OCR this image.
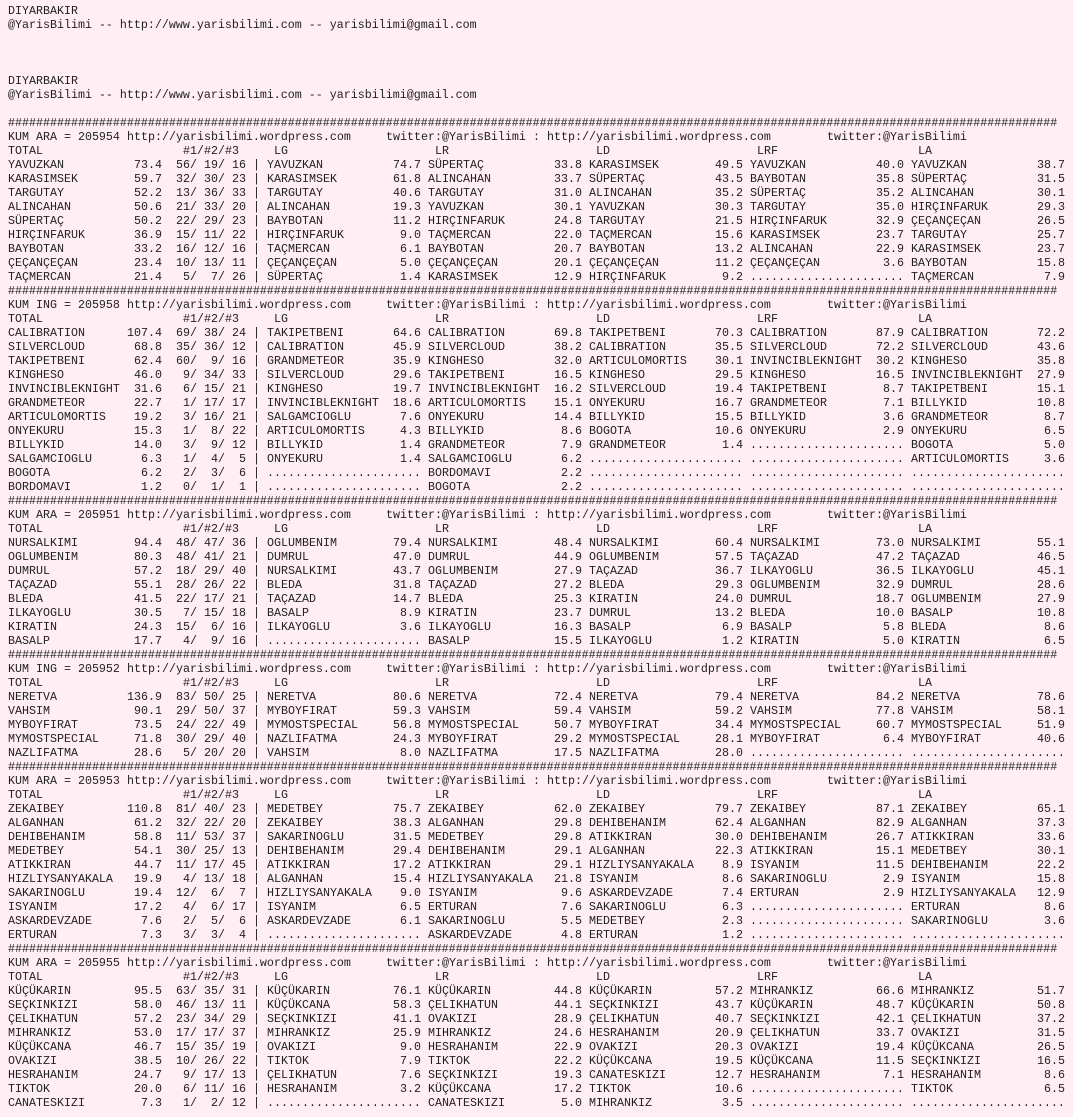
DIYARBAKIR
@YarisBilimi -- http://www.yarisbilimi.com -- yarisbilimi@gmail.com
DIYARBAKIR
@YarisBilimi -- http://www.yarisbilimi.com -- yarisbilimi@gmail.com
######################################################################################################################################################
KUM ARA = 205954 http://yarisbilimi.wordpress.com	twitter:@YarisBilimi : http://yarisbilimi.wordpress.com	twitter:@YarisBilimi
TOTAL	#1/#2/#3	LG	LR	LD	LRF	LA
YAVUZKAN	73.4	56 / 19 / 16 | YAVUZKAN	74.7 SÜPERTAÇ	33.8 KARASIMSEK	49.5 YAVUZKAN	40.0 YAVUZKAN	38.7
KARASIMSEK	59.7	32 / 30 / 23 | KARASIMSEK	61.8 ALINCAHAN	33.7 SÜPERTAÇ	43.5 BAYBOTAN	35.8 SÜPERTAÇ	31.5
TARGUTAY	52.2	13 / 36 / 33 | TARGUTAY	40.6 TARGUTAY	31.0 ALINCAHAN	35.2 SÜPERTAÇ	35.2 ALINCAHAN	30.1
ALINCAHAN	50.6	21 / 33 / 20 | ALINCAHAN	19.3 YAVUZKAN	30.1 YAVUZKAN	30.3 TARGUTAY	35.0 HIRÇINFARUK	29.3
SÜPERTAÇ	50.2	22 / 29 / 23 | BAYBOTAN	11.2 HIRÇINFARUK	24.8 TARGUTAY	21.5 HIRÇINFARUK	32.9 ÇEÇANÇEÇAN	26.5
HIRÇINFARUK	36.9	15 / 11 / 22 | HIRÇINFARUK	9.0 TAÇMERCAN	22.0 TAÇMERCAN	15.6 KARASIMSEK	23.7 TARGUTAY	25.7
BAYBOTAN	33.2	16 / 12 / 16 | TAÇMERCAN	6.1 BAYBOTAN	20.7 BAYBOTAN	13.2 ALINCAHAN	22.9 KARASIMSEK	23.7
ÇEÇANÇEÇAN	23.4	10 / 13 / 11 | ÇEÇANÇEÇAN	5.0 ÇEÇANÇEÇAN	20.1 ÇEÇANÇEÇAN	11.2 ÇEÇANÇEÇAN	3.6 BAYBOTAN	15.8
TAÇMERCAN	21.4	5 /	7 / 26 | SÜPERTAÇ	1.4 KARASIMSEK	12.9 HIRÇINFARUK	9.2 ...................... TAÇMERCAN	7.9
######################################################################################################################################################
KUM ING = 205958 http://yarisbilimi.wordpress.com	twitter:@YarisBilimi : http://yarisbilimi.wordpress.com	twitter:@YarisBilimi
TOTAL	#1/#2/#3	LG	LR	LD	LRF	LA
CALIBRATION	107.4	69 / 38 / 24 | TAKIPETBENI	64.6 CALIBRATION	69.8 TAKIPETBENI	70.3 CALIBRATION	87.9 CALIBRATION	72.2
SILVERCLOUD	68.8	35 / 36 / 12 | CALIBRATION	45.9 SILVERCLOUD	38.2 CALIBRATION	35.5 SILVERCLOUD	72.2 SILVERCLOUD	43.6
TAKIPETBENI	62.4	60 /	9 / 16 | GRANDMETEOR	35.9 KINGHESO	32.0 ARTICULOMORTIS	30.1 INVINCIBLEKNIGHT	30.2 KINGHESO	35.8
KINGHESO	46.0	9 / 34 / 33 | SILVERCLOUD	29.6 TAKIPETBENI	16.5 KINGHESO	29.5 KINGHESO	16.5 INVINCIBLEKNIGHT	27.9
INVINCIBLEKNIGHT	31.6	6 / 15 / 21 | KINGHESO	19.7 INVINCIBLEKNIGHT	16.2 SILVERCLOUD	19.4 TAKIPETBENI	8.7 TAKIPETBENI	15.1
GRANDMETEOR	22.7	1 / 17 / 17 | INVINCIBLEKNIGHT	18.6 ARTICULOMORTIS	15.1 ONYEKURU	16.7 GRANDMETEOR	7.1 BILLYKID	10.8
ARTICULOMORTIS	19.2	3 / 16 / 21 | SALGAMCIOGLU	7.6 ONYEKURU	14.4 BILLYKID	15.5 BILLYKID	3.6 GRANDMETEOR	8.7
ONYEKURU	15.3	1 /	8 / 22 | ARTICULOMORTIS	4.3 BILLYKID	8.6 BOGOTA	10.6 ONYEKURU	2.9 ONYEKURU	6.5
BILLYKID	14.0	3 /	9 / 12 | BILLYKID	1.4 GRANDMETEOR	7.9 GRANDMETEOR	1.4 ...................... BOGOTA	5.0
SALGAMCIOGLU	6.3	1 /	4 /	5 | ONYEKURU	1.4 SALGAMCIOGLU	6.2 ...................... ...................... ARTICULOMORTIS	3.6
BOGOTA	6.2	2 /	3 /	6 | ...................... BORDOMAVI	2.2 ...................... ...................... ......................
BORDOMAVI	1.2	0 /	1 /	1 | ...................... BOGOTA	2.2 ...................... ...................... ......................
######################################################################################################################################################
KUM ARA = 205951 http://yarisbilimi.wordpress.com	twitter:@YarisBilimi : http://yarisbilimi.wordpress.com	twitter:@YarisBilimi
TOTAL	#1/#2/#3	LG	LR	LD	LRF	LA
NURSALKIMI	94.4	48 / 47 / 36 | OGLUMBENIM	79.4 NURSALKIMI	48.4 NURSALKIMI	60.4 NURSALKIMI	73.0 NURSALKIMI	55.1
OGLUMBENIM	80.3	48 / 41 / 21 | DUMRUL	47.0 DUMRUL	44.9 OGLUMBENIM	57.5 TAÇAZAD	47.2 TAÇAZAD	46.5
DUMRUL	57.2	18 / 29 / 40 | NURSALKIMI	43.7 OGLUMBENIM	27.9 TAÇAZAD	36.7 ILKAYOGLU	36.5 ILKAYOGLU	45.1
TAÇAZAD	55.1	28 / 26 / 22 | BLEDA	31.8 TAÇAZAD	27.2 BLEDA	29.3 OGLUMBENIM	32.9 DUMRUL	28.6
BLEDA	41.5	22 / 17 / 21 | TAÇAZAD	14.7 BLEDA	25.3 KIRATIN	24.0 DUMRUL	18.7 OGLUMBENIM	27.9
ILKAYOGLU	30.5	7 / 15 / 18 | BASALP	8.9 KIRATIN	23.7 DUMRUL	13.2 BLEDA	10.0 BASALP	10.8
KIRATIN	24.3	15 /	6 / 16 | ILKAYOGLU	3.6 ILKAYOGLU	16.3 BASALP	6.9 BASALP	5.8 BLEDA	8.6
BASALP	17.7	4 /	9 / 16 | ...................... BASALP	15.5 ILKAYOGLU	1.2 KIRATIN	5.0 KIRATIN	6.5
######################################################################################################################################################
KUM ING = 205952 http://yarisbilimi.wordpress.com	twitter:@YarisBilimi : http://yarisbilimi.wordpress.com	twitter:@YarisBilimi
TOTAL	#1/#2/#3	LG	LR	LD	LRF	LA
NERETVA	136.9	83 / 50 / 25 | NERETVA	80.6 NERETVA	72.4 NERETVA	79.4 NERETVA	84.2 NERETVA	78.6
VAHSIM	90.1	29 / 50 / 37 | MYBOYFIRAT	59.3 VAHSIM	59.4 VAHSIM	59.2 VAHSIM	77.8 VAHSIM	58.1
MYBOYFIRAT	73.5	24 / 22 / 49 | MYMOSTSPECIAL	56.8 MYMOSTSPECIAL	50.7 MYBOYFIRAT	34.4 MYMOSTSPECIAL	60.7 MYMOSTSPECIAL	51.9
MYMOSTSPECIAL	71.8	30 / 29 / 40 | NAZLIFATMA	24.3 MYBOYFIRAT	29.2 MYMOSTSPECIAL	28.1 MYBOYFIRAT	6.4 MYBOYFIRAT	40.6
NAZLIFATMA	28.6	5 / 20 / 20 | VAHSIM	8.0 NAZLIFATMA	17.5 NAZLIFATMA	28.0 ...................... ......................
######################################################################################################################################################
KUM ARA = 205953 http://yarisbilimi.wordpress.com	twitter:@YarisBilimi : http://yarisbilimi.wordpress.com	twitter:@YarisBilimi
TOTAL	#1/#2/#3	LG	LR	LD	LRF	LA
ZEKAIBEY	110.8	81 / 40 / 23 | MEDETBEY	75.7 ZEKAIBEY	62.0 ZEKAIBEY	79.7 ZEKAIBEY	87.1 ZEKAIBEY	65.1
ALGANHAN	61.2	32 / 22 / 20 | ZEKAIBEY	38.3 ALGANHAN	29.8 DEHIBEHANIM	62.4 ALGANHAN	82.9 ALGANHAN	37.3
DEHIBEHANIM	58.8	11 / 53 / 37 | SAKARINOGLU	31.5 MEDETBEY	29.8 ATIKKIRAN	30.0 DEHIBEHANIM	26.7 ATIKKIRAN	33.6
MEDETBEY	54.1	30 / 25 / 13 | DEHIBEHANIM	29.4 DEHIBEHANIM	29.1 ALGANHAN	22.3 ATIKKIRAN	15.1 MEDETBEY	30.1
ATIKKIRAN	44.7	11 / 17 / 45 | ATIKKIRAN	17.2 ATIKKIRAN	29.1 HIZLIYSANYAKALA	8.9 ISYANIM	11.5 DEHIBEHANIM	22.2
HIZLIYSANYAKALA	19.9	4 / 13 / 18 | ALGANHAN	15.4 HIZLIYSANYAKALA	21.8 ISYANIM	8.6 SAKARINOGLU	2.9 ISYANIM	15.8
SAKARINOGLU	19.4	12 /	6 /	7 | HIZLIYSANYAKALA	9.0 ISYANIM	9.6 ASKARDEVZADE	7.4 ERTURAN	2.9 HIZLIYSANYAKALA	12.9
ISYANIM	17.2	4 /	6 / 17 | ISYANIM	6.5 ERTURAN	7.6 SAKARINOGLU	6.3 ...................... ERTURAN	8.6
ASKARDEVZADE	7.6	2 /	5 /	6 | ASKARDEVZADE	6.1 SAKARINOGLU	5.5 MEDETBEY	2.3 ...................... SAKARINOGLU	3.6
ERTURAN	7.3	3 /	3 /	4 | ...................... ASKARDEVZADE	4.8 ERTURAN	1.2 ...................... ......................
######################################################################################################################################################
KUM ARA = 205955 http://yarisbilimi.wordpress.com	twitter:@YarisBilimi : http://yarisbilimi.wordpress.com	twitter:@YarisBilimi
TOTAL	#1/#2/#3	LG	LR	LD	LRF	LA
KÜÇÜKARIN	95.5	63 / 35 / 31 | KÜÇÜKARIN	76.1 KÜÇÜKARIN	44.8 KÜÇÜKARIN	57.2 MIHRANKIZ	66.6 MIHRANKIZ	51.7
SEÇKINKIZI	58.0	46 / 13 / 11 | KÜÇÜKCANA	58.3 ÇELIKHATUN	44.1 SEÇKINKIZI	43.7 KÜÇÜKARIN	48.7 KÜÇÜKARIN	50.8
ÇELIKHATUN	57.2	23 / 34 / 29 | SEÇKINKIZI	41.1 OVAKIZI	28.9 ÇELIKHATUN	40.7 SEÇKINKIZI	42.1 ÇELIKHATUN	37.2
MIHRANKIZ	53.0	17 / 17 / 37 | MIHRANKIZ	25.9 MIHRANKIZ	24.6 HESRAHANIM	20.9 ÇELIKHATUN	33.7 OVAKIZI	31.5
KÜÇÜKCANA	46.7	15 / 35 / 19 | OVAKIZI	9.0 HESRAHANIM	22.9 OVAKIZI	20.3 OVAKIZI	19.4 KÜÇÜKCANA	26.5
OVAKIZI	38.5	10 / 26 / 22 | TIKTOK	7.9 TIKTOK	22.2 KÜÇÜKCANA	19.5 KÜÇÜKCANA	11.5 SEÇKINKIZI	16.5
HESRAHANIM	24.7	9 / 17 / 13 | ÇELIKHATUN	7.6 SEÇKINKIZI	19.3 CANATESKIZI	12.7 HESRAHANIM	7.1 HESRAHANIM	8.6
TIKTOK	20.0	6 / 11 / 16 | HESRAHANIM	3.2 KÜÇÜKCANA	17.2 TIKTOK	10.6 ...................... TIKTOK	6.5
CANATESKIZI	7.3	1 /	2 / 12 | ...................... CANATESKIZI	5.0 MIHRANKIZ	3.5 ...................... ......................
